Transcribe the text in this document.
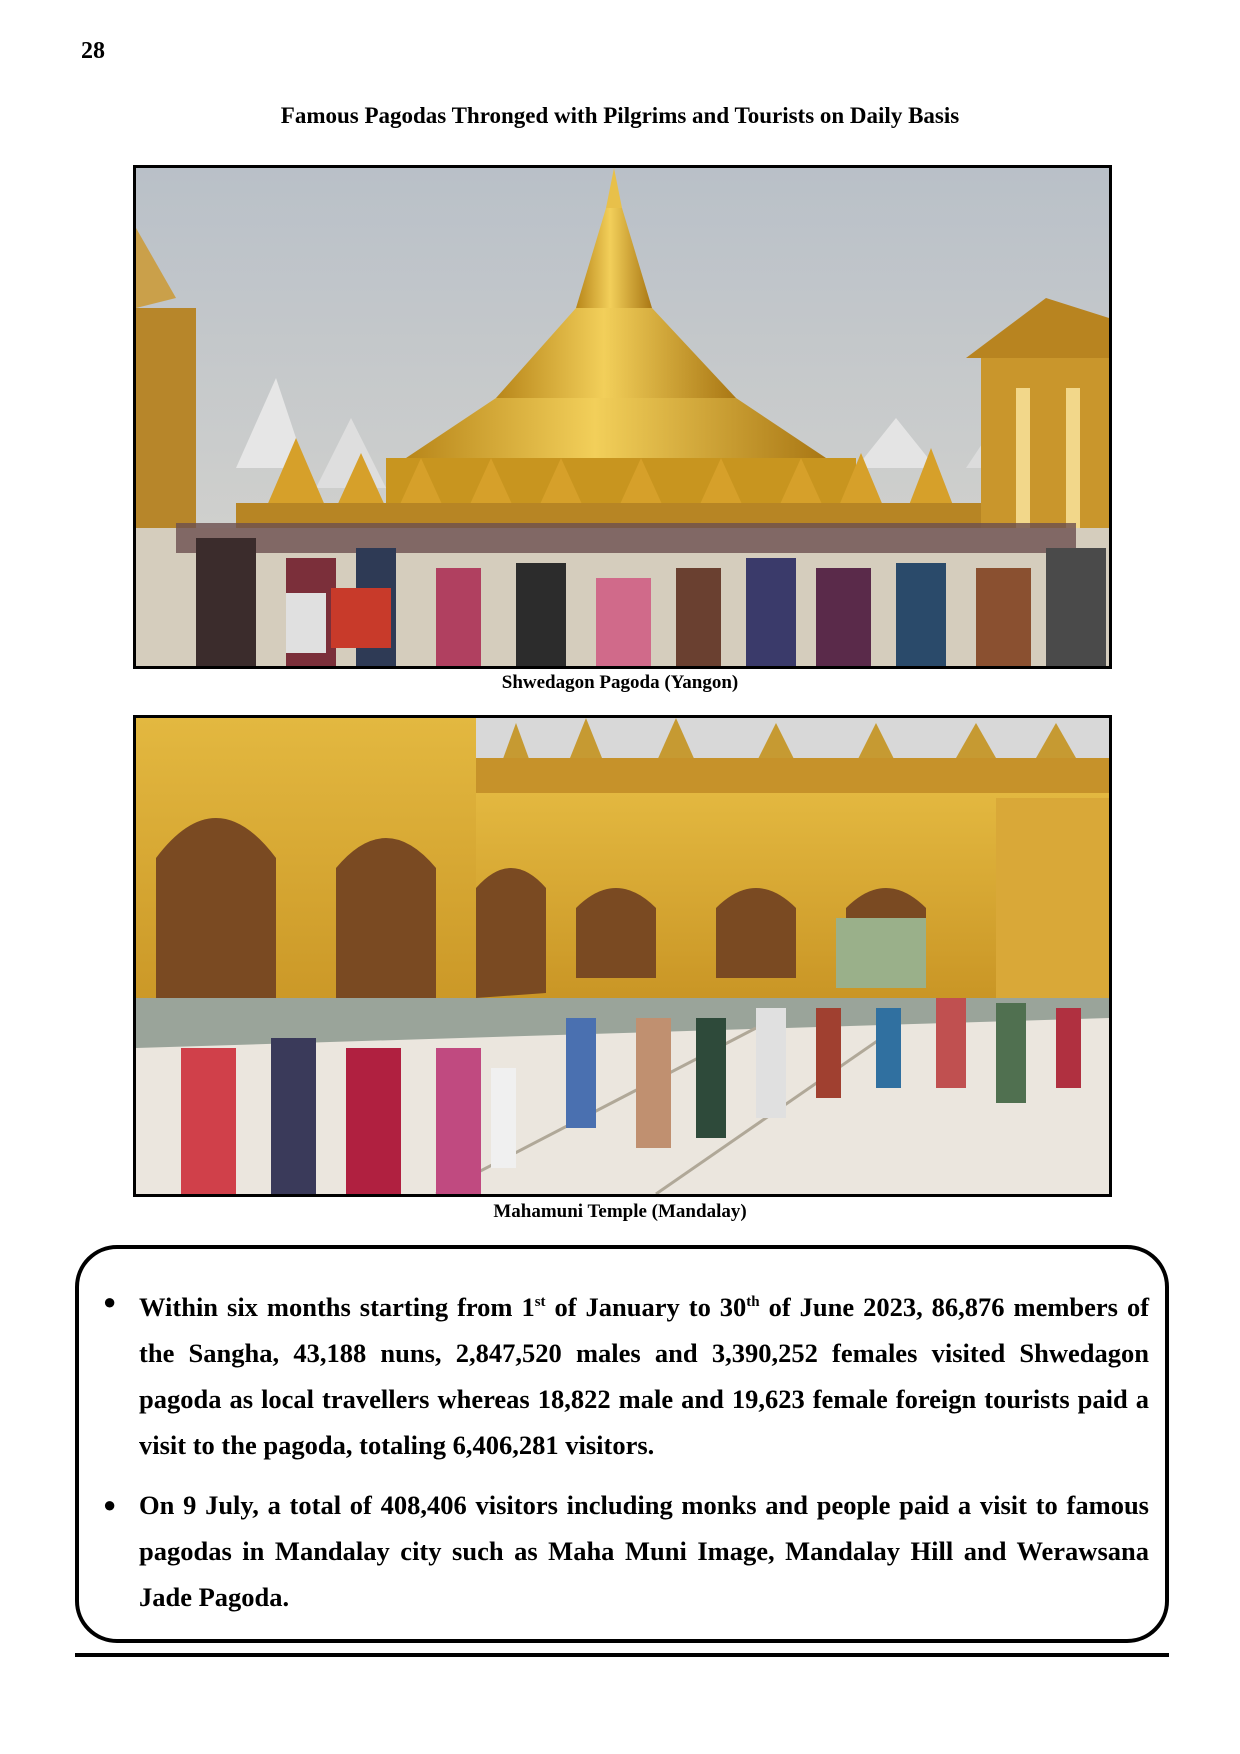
28
Famous Pagodas Thronged with Pilgrims and Tourists on Daily Basis
Shwedagon Pagoda (Yangon)
Mahamuni Temple (Mandalay)
● Within six months starting from 1st of January to 30th of June 2023, 86,876 members of the Sangha, 43,188 nuns, 2,847,520 males and 3,390,252 females visited Shwedagon pagoda as local travellers whereas 18,822 male and 19,623 female foreign tourists paid a visit to the pagoda, totaling 6,406,281 visitors.
● On 9 July, a total of 408,406 visitors including monks and people paid a visit to famous pagodas in Mandalay city such as Maha Muni Image, Mandalay Hill and Werawsana Jade Pagoda.
